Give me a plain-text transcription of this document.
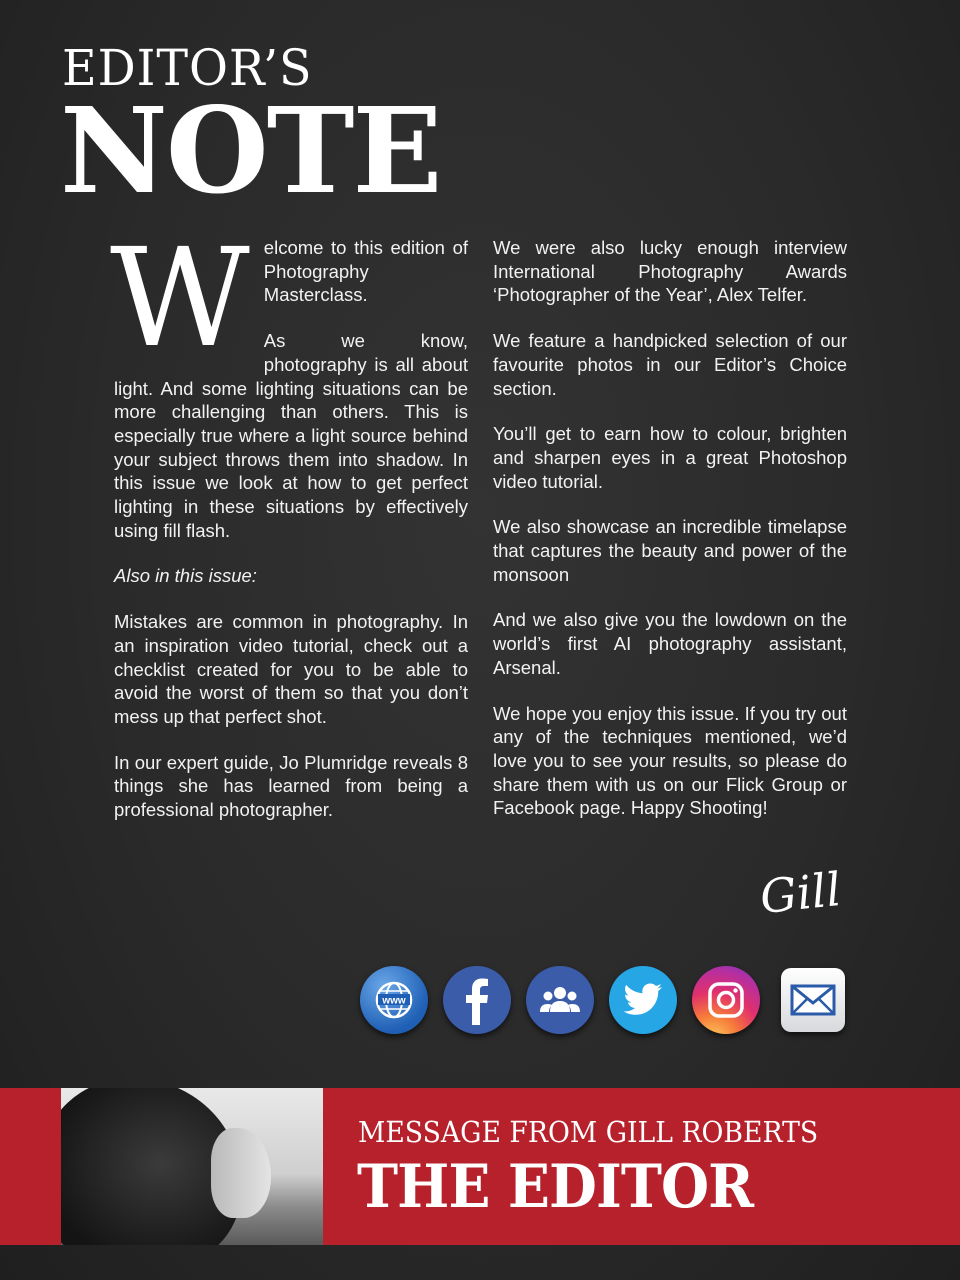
EDITOR’S
NOTE
W elcome to this edition of Photography Masterclass.

As we know, photography is all about light. And some lighting situations can be more challenging than others. This is especially true where a light source behind your subject throws them into shadow. In this issue we look at how to get perfect lighting in these situations by effectively using fill flash.

Also in this issue:

Mistakes are common in photography. In an inspiration video tutorial, check out a checklist created for you to be able to avoid the worst of them so that you don’t mess up that perfect shot.

In our expert guide, Jo Plumridge reveals 8 things she has learned from being a professional photographer.

We were also lucky enough interview International Photography Awards ‘Photographer of the Year’, Alex Telfer.

We feature a handpicked selection of our favourite photos in our Editor’s Choice section.

You’ll get to earn how to colour, brighten and sharpen eyes in a great Photoshop video tutorial.

We also showcase an incredible timelapse that captures the beauty and power of the monsoon

And we also give you the lowdown on the world’s first AI photography assistant, Arsenal.

We hope you enjoy this issue. If you try out any of the techniques mentioned, we’d love you to see your results, so please do share them with us on our Flick Group or Facebook page. Happy Shooting!

Gill
www
MESSAGE FROM GILL ROBERTS
THE EDITOR
